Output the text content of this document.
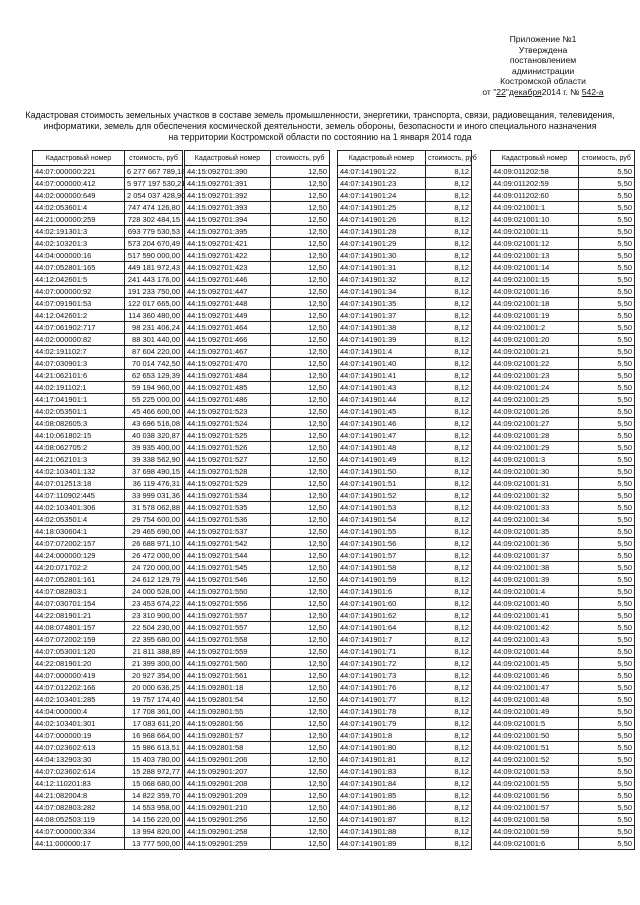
Приложение №1
Утверждена
постановлением
администрации
Костромской области
от "22"декабря2014 г. № 542-а
Кадастровая стоимость земельных участков в составе земель промышленности, энергетики, транспорта, связи, радиовещания, телевидения,
информатики, земель для обеспечения космической деятельности, земель обороны, безопасности и иного специального назначения
на территории Костромской области по состоянию на 1 января 2014 года
Кадастровый номер	стоимость, руб
44:07:000000:221	6 277 667 789,18
44:07:000000:412	5 977 197 530,21
44:02:000000:649	2 054 037 428,90
44:02:053601:4	747 474 126,80
44:21:000000:259	728 302 484,15
44:02:191301:3	693 779 530,53
44:02:103201:3	573 204 670,49
44:04:000000:16	517 590 000,00
44:07:052801:165	449 181 972,43
44:12:042601:5	241 443 176,00
44:07:000000:92	191 233 750,00
44:07:091901:53	122 017 665,00
44:12:042601:2	114 360 480,00
44:07:061902:717	98 231 406,24
44:02:000000:82	88 301 440,00
44:02:191102:7	87 604 220,00
44:07:030901:3	70 014 742,50
44:21:062101:6	62 653 129,39
44:02:191102:1	59 194 960,00
44:17:041901:1	55 225 000,00
44:02:053501:1	45 466 600,00
44:08:082605:3	43 696 516,08
44:10:061802:15	40 038 320,87
44:08:062705:2	39 935 400,00
44:21:062101:3	39 338 562,90
44:02:103401:132	37 698 490,15
44:07:012513:18	36 119 476,31
44:07:110902:445	33 999 031,36
44:02:103401:306	31 578 062,88
44:02:053501:4	29 754 600,00
44:18:030604:1	29 465 690,00
44:07:072002:157	26 688 971,10
44:24:000000:129	26 472 000,00
44:20:071702:2	24 720 000,00
44:07:052801:161	24 612 129,79
44:07:082803:1	24 000 528,00
44:07:030701:154	23 453 674,22
44:22:081901:21	23 310 900,00
44:08:074801:157	22 504 230,00
44:07:072002:159	22 395 680,00
44:07:053001:120	21 811 388,89
44:22:081901:20	21 399 300,00
44:07:000000:419	20 927 354,00
44:07:012202:166	20 000 636,25
44:02:103401:285	19 757 174,40
44:04:000000:4	17 708 361,00
44:02:103401:301	17 083 611,20
44:07:000000:19	16 968 664,00
44:07:023602:613	15 986 613,51
44:04:132903:30	15 403 780,00
44:07:023602:614	15 288 972,77
44:12:110201:83	15 068 680,00
44:21:082004:8	14 822 359,70
44:07:082803:282	14 553 958,00
44:08:052503:119	14 156 220,00
44:07:000000:334	13 994 820,00
44:11:000000:17	13 777 500,00
Кадастровый номер	стоимость, руб
44:15:092701:390	12,50
44:15:092701:391	12,50
44:15:092701:392	12,50
44:15:092701:393	12,50
44:15:092701:394	12,50
44:15:092701:395	12,50
44:15:092701:421	12,50
44:15:092701:422	12,50
44:15:092701:423	12,50
44:15:092701:446	12,50
44:15:092701:447	12,50
44:15:092701:448	12,50
44:15:092701:449	12,50
44:15:092701:464	12,50
44:15:092701:466	12,50
44:15:092701:467	12,50
44:15:092701:470	12,50
44:15:092701:484	12,50
44:15:092701:485	12,50
44:15:092701:486	12,50
44:15:092701:523	12,50
44:15:092701:524	12,50
44:15:092701:525	12,50
44:15:092701:526	12,50
44:15:092701:527	12,50
44:15:092701:528	12,50
44:15:092701:529	12,50
44:15:092701:534	12,50
44:15:092701:535	12,50
44:15:092701:536	12,50
44:15:092701:537	12,50
44:15:092701:542	12,50
44:15:092701:544	12,50
44:15:092701:545	12,50
44:15:092701:546	12,50
44:15:092701:550	12,50
44:15:092701:556	12,50
44:15:092701:557	12,50
44:15:092701:557	12,50
44:15:092701:558	12,50
44:15:092701:559	12,50
44:15:092701:560	12,50
44:15:092701:561	12,50
44:15:092801:18	12,50
44:15:092801:54	12,50
44:15:092801:55	12,50
44:15:092801:56	12,50
44:15:092801:57	12,50
44:15:092801:58	12,50
44:15:092901:206	12,50
44:15:092901:207	12,50
44:15:092901:208	12,50
44:15:092901:209	12,50
44:15:092901:210	12,50
44:15:092901:256	12,50
44:15:092901:258	12,50
44:15:092901:259	12,50
Кадастровый номер	стоимость, руб
44:07:141901:22	8,12
44:07:141901:23	8,12
44:07:141901:24	8,12
44:07:141901:25	8,12
44:07:141901:26	8,12
44:07:141901:28	8,12
44:07:141901:29	8,12
44:07:141901:30	8,12
44:07:141901:31	8,12
44:07:141901:32	8,12
44:07:141901:34	8,12
44:07:141901:35	8,12
44:07:141901:37	8,12
44:07:141901:38	8,12
44:07:141901:39	8,12
44:07:141901:4	8,12
44:07:141901:40	8,12
44:07:141901:41	8,12
44:07:141901:43	8,12
44:07:141901:44	8,12
44:07:141901:45	8,12
44:07:141901:46	8,12
44:07:141901:47	8,12
44:07:141901:48	8,12
44:07:141901:49	8,12
44:07:141901:50	8,12
44:07:141901:51	8,12
44:07:141901:52	8,12
44:07:141901:53	8,12
44:07:141901:54	8,12
44:07:141901:55	8,12
44:07:141901:56	8,12
44:07:141901:57	8,12
44:07:141901:58	8,12
44:07:141901:59	8,12
44:07:141901:6	8,12
44:07:141901:60	8,12
44:07:141901:62	8,12
44:07:141901:64	8,12
44:07:141901:7	8,12
44:07:141901:71	8,12
44:07:141901:72	8,12
44:07:141901:73	8,12
44:07:141901:76	8,12
44:07:141901:77	8,12
44:07:141901:78	8,12
44:07:141901:79	8,12
44:07:141901:8	8,12
44:07:141901:80	8,12
44:07:141901:81	8,12
44:07:141901:83	8,12
44:07:141901:84	8,12
44:07:141901:85	8,12
44:07:141901:86	8,12
44:07:141901:87	8,12
44:07:141901:88	8,12
44:07:141901:89	8,12
Кадастровый номер	стоимость, руб
44:09:011202:58	5,50
44:09:011202:59	5,50
44:09:011202:60	5,50
44:09:021001:1	5,50
44:09:021001:10	5,50
44:09:021001:11	5,50
44:09:021001:12	5,50
44:09:021001:13	5,50
44:09:021001:14	5,50
44:09:021001:15	5,50
44:09:021001:16	5,50
44:09:021001:18	5,50
44:09:021001:19	5,50
44:09:021001:2	5,50
44:09:021001:20	5,50
44:09:021001:21	5,50
44:09:021001:22	5,50
44:09:021001:23	5,50
44:09:021001:24	5,50
44:09:021001:25	5,50
44:09:021001:26	5,50
44:09:021001:27	5,50
44:09:021001:28	5,50
44:09:021001:29	5,50
44:09:021001:3	5,50
44:09:021001:30	5,50
44:09:021001:31	5,50
44:09:021001:32	5,50
44:09:021001:33	5,50
44:09:021001:34	5,50
44:09:021001:35	5,50
44:09:021001:36	5,50
44:09:021001:37	5,50
44:09:021001:38	5,50
44:09:021001:39	5,50
44:09:021001:4	5,50
44:09:021001:40	5,50
44:09:021001:41	5,50
44:09:021001:42	5,50
44:09:021001:43	5,50
44:09:021001:44	5,50
44:09:021001:45	5,50
44:09:021001:46	5,50
44:09:021001:47	5,50
44:09:021001:48	5,50
44:09:021001:49	5,50
44:09:021001:5	5,50
44:09:021001:50	5,50
44:09:021001:51	5,50
44:09:021001:52	5,50
44:09:021001:53	5,50
44:09:021001:55	5,50
44:09:021001:56	5,50
44:09:021001:57	5,50
44:09:021001:58	5,50
44:09:021001:59	5,50
44:09:021001:6	5,50
